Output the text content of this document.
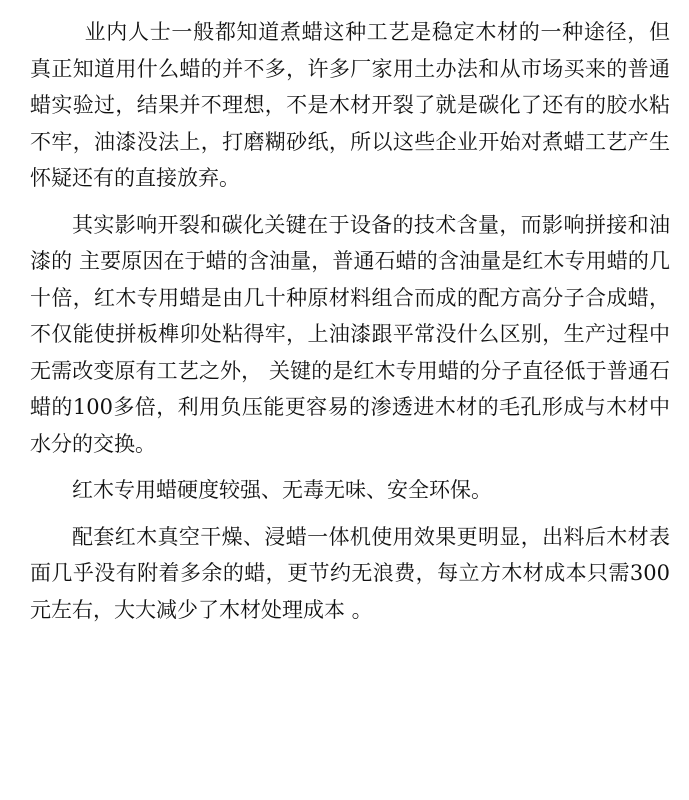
业内人士一般都知道煮蜡这种工艺是稳定木材的一种途径，但真正知道用什么蜡的并不多，许多厂家用土办法和从市场买来的普通蜡实验过，结果并不理想，不是木材开裂了就是碳化了还有的胶水粘不牢，油漆没法上，打磨糊砂纸，所以这些企业开始对煮蜡工艺产生怀疑还有的直接放弃。

其实影响开裂和碳化关键在于设备的技术含量，而影响拼接和油漆的 主要原因在于蜡的含油量，普通石蜡的含油量是红木专用蜡的几十倍，红木专用蜡是由几十种原材料组合而成的配方高分子合成蜡，不仅能使拼板榫卯处粘得牢，上油漆跟平常没什么区别，生产过程中无需改变原有工艺之外， 关键的是红木专用蜡的分子直径低于普通石蜡的100多倍，利用负压能更容易的渗透进木材的毛孔形成与木材中水分的交换。

红木专用蜡硬度较强、无毒无味、安全环保。

配套红木真空干燥、浸蜡一体机使用效果更明显，出料后木材表面几乎没有附着多余的蜡，更节约无浪费，每立方木材成本只需300元左右，大大减少了木材处理成本 。
